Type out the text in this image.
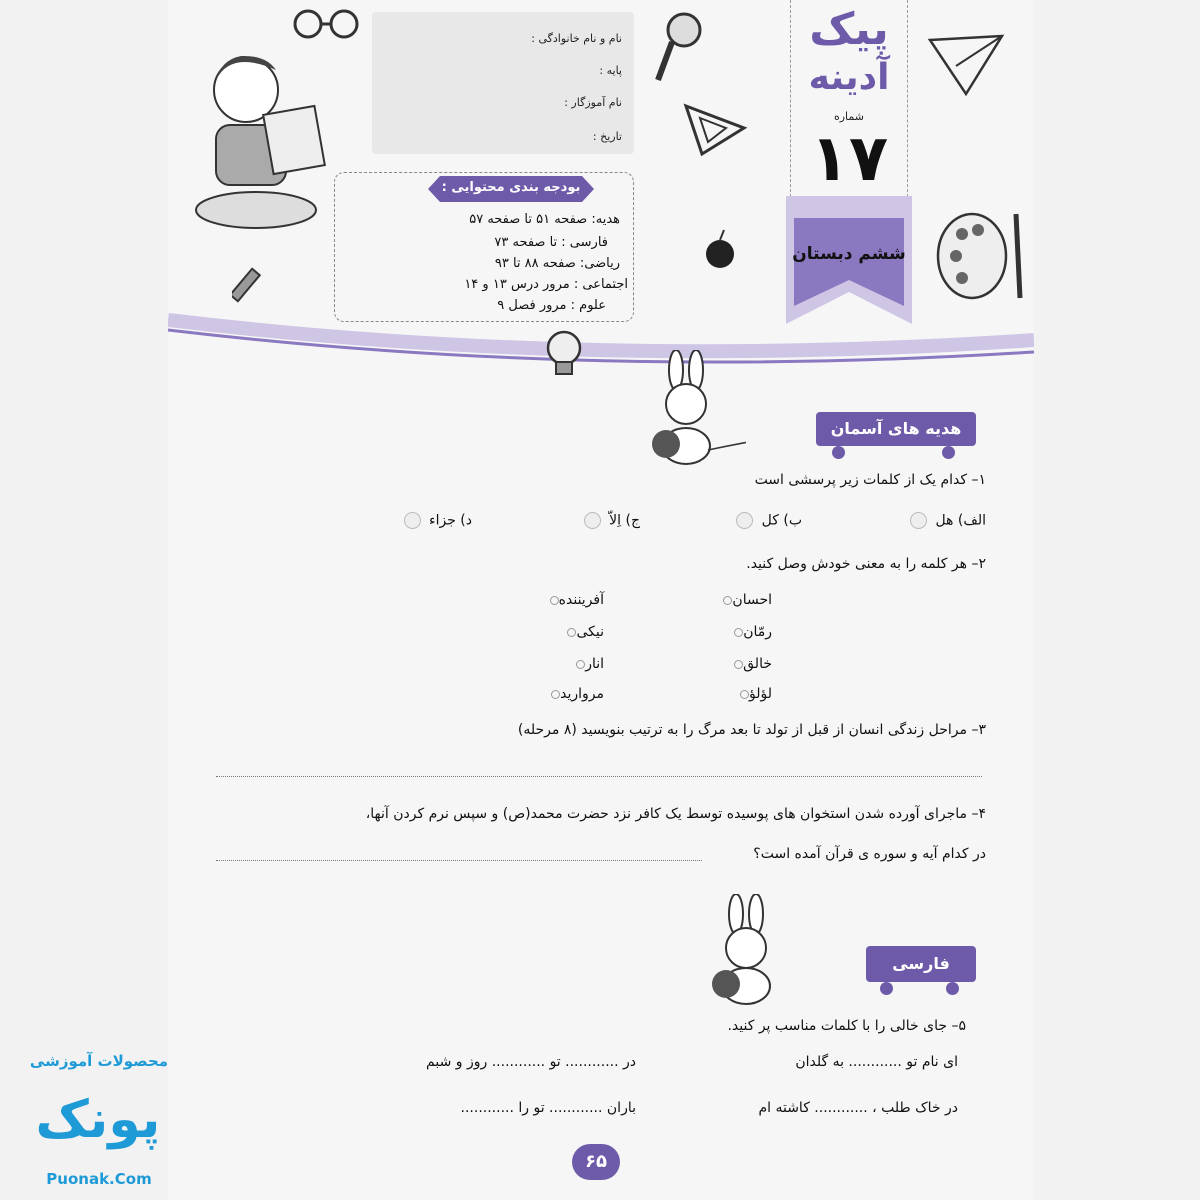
نام و نام خانوادگی :
پایه :
نام آموزگار :
تاریخ :
بودجه بندی محتوایی :
هدیه: صفحه ۵۱ تا صفحه ۵۷
فارسی : تا صفحه ۷۳
ریاضی: صفحه ۸۸ تا ۹۳
اجتماعی : مرور درس ۱۳ و ۱۴
علوم : مرور فصل ۹
پیک
آدینه
شماره
۱۷
ششم دبستان
هدیه های آسمان
۱– کدام یک از کلمات زیر پرسشی است
الف) هل
ب) کل
ج) اِلاّ
د) جزاء
۲– هر کلمه را به معنی خودش وصل کنید.
احسان
رمّان
خالق
لؤلؤ
آفریننده
نیکی
انار
مروارید
۳– مراحل زندگی انسان از قبل از تولد تا بعد مرگ را به ترتیب بنویسید (۸ مرحله)
۴– ماجرای آورده شدن استخوان های پوسیده توسط یک کافر نزد حضرت محمد(ص) و سپس نرم کردن آنها،
در کدام آیه و سوره ی قرآن آمده است؟
فارسی
۵– جای خالی را با کلمات مناسب پر کنید.
ای نام تو ............ به گلدان
در ............ تو ............ روز و شبم
در خاک طلب ، ............ کاشته ام
باران ............ تو را ............
۶۵
محصولات آموزشی
پونک
Puonak.Com
